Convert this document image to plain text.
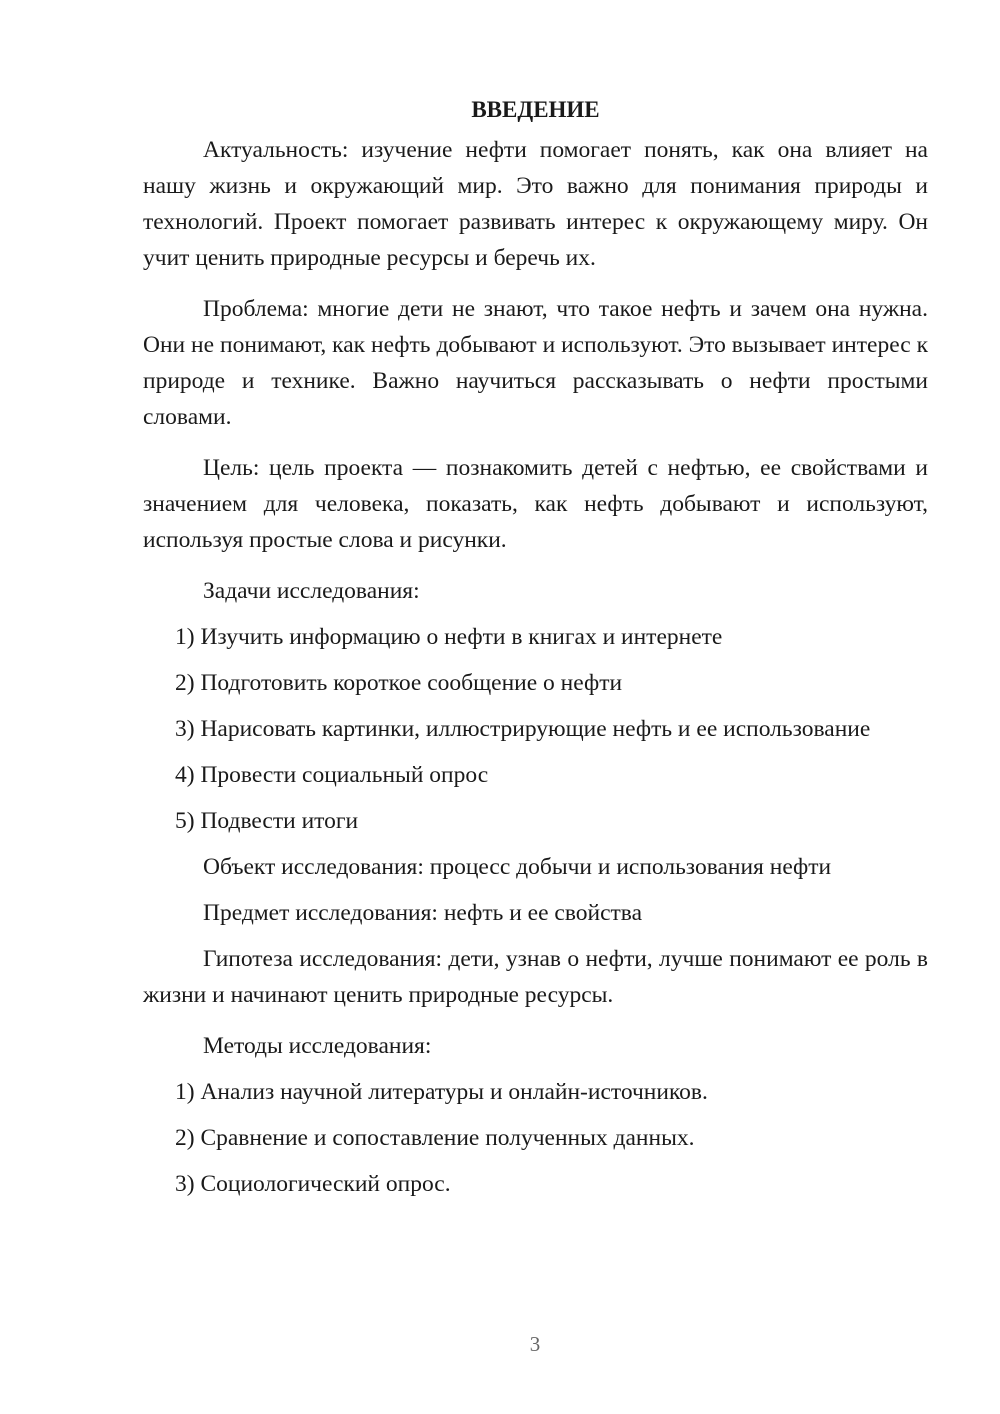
ВВЕДЕНИЕ

Актуальность: изучение нефти помогает понять, как она влияет на нашу жизнь и окружающий мир. Это важно для понимания природы и технологий. Проект помогает развивать интерес к окружающему миру. Он учит ценить природные ресурсы и беречь их.

Проблема: многие дети не знают, что такое нефть и зачем она нужна. Они не понимают, как нефть добывают и используют. Это вызывает интерес к природе и технике. Важно научиться рассказывать о нефти простыми словами.

Цель: цель проекта — познакомить детей с нефтью, ее свойствами и значением для человека, показать, как нефть добывают и используют, используя простые слова и рисунки.

Задачи исследования:
1) Изучить информацию о нефти в книгах и интернете
2) Подготовить короткое сообщение о нефти
3) Нарисовать картинки, иллюстрирующие нефть и ее использование
4) Провести социальный опрос
5) Подвести итоги
Объект исследования: процесс добычи и использования нефти
Предмет исследования: нефть и ее свойства

Гипотеза исследования: дети, узнав о нефти, лучше понимают ее роль в жизни и начинают ценить природные ресурсы.

Методы исследования:
1) Анализ научной литературы и онлайн-источников.
2) Сравнение и сопоставление полученных данных.
3) Социологический опрос.
3
